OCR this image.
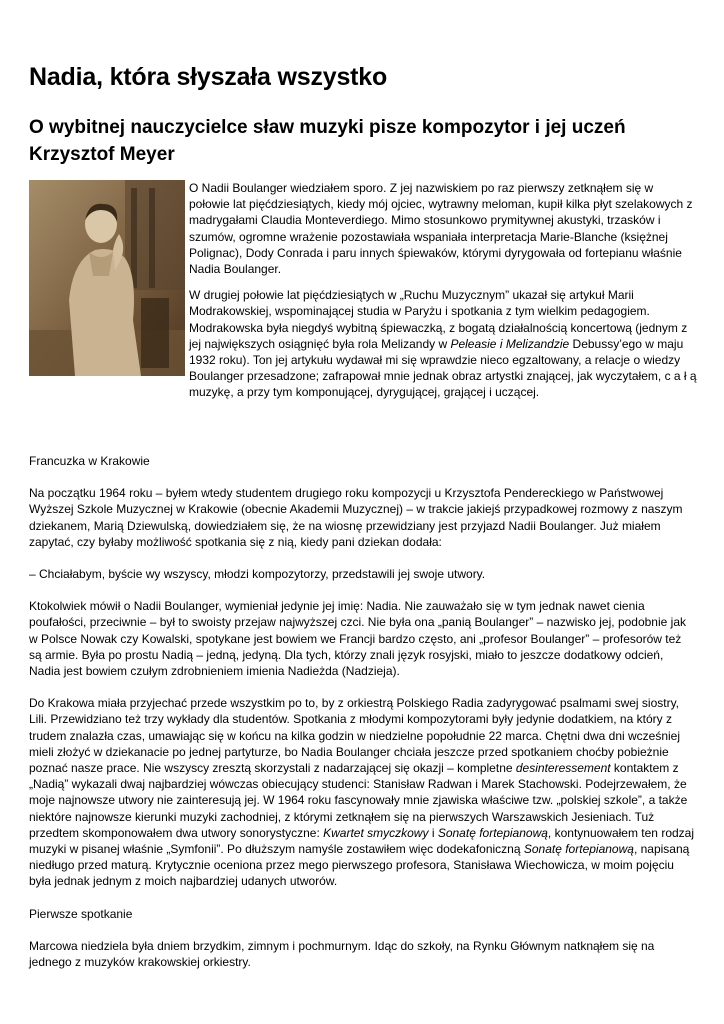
Nadia, która słyszała wszystko
O wybitnej nauczycielce sław muzyki pisze kompozytor i jej uczeń Krzysztof Meyer

O Nadii Boulanger wiedziałem sporo. Z jej nazwiskiem po raz pierwszy zetknąłem się w połowie lat pięćdziesiątych, kiedy mój ojciec, wytrawny meloman, kupił kilka płyt szelakowych z madrygałami Claudia Monteverdiego. Mimo stosunkowo prymitywnej akustyki, trzasków i szumów, ogromne wrażenie pozostawiała wspaniała interpretacja Marie-Blanche (księżnej Polignac), Dody Conrada i paru innych śpiewaków, którymi dyrygowała od fortepianu właśnie Nadia Boulanger.

W drugiej połowie lat pięćdziesiątych w „Ruchu Muzycznym” ukazał się artykuł Marii Modrakowskiej, wspominającej studia w Paryżu i spotkania z tym wielkim pedagogiem. Modrakowska była niegdyś wybitną śpiewaczką, z bogatą działalnością koncertową (jednym z jej największych osiągnięć była rola Melizandy w Peleasie i Melizandzie Debussy’ego w maju 1932 roku). Ton jej artykułu wydawał mi się wprawdzie nieco egzaltowany, a relacje o wiedzy Boulanger przesadzone; zafrapował mnie jednak obraz artystki znającej, jak wyczytałem, c a ł ą muzykę, a przy tym komponującej, dyrygującej, grającej i uczącej.

Francuzka w Krakowie

Na początku 1964 roku – byłem wtedy studentem drugiego roku kompozycji u Krzysztofa Pendereckiego w Państwowej Wyższej Szkole Muzycznej w Krakowie (obecnie Akademii Muzycznej) – w trakcie jakiejś przypadkowej rozmowy z naszym dziekanem, Marią Dziewulską, dowiedziałem się, że na wiosnę przewidziany jest przyjazd Nadii Boulanger. Już miałem zapytać, czy byłaby możliwość spotkania się z nią, kiedy pani dziekan dodała:

– Chciałabym, byście wy wszyscy, młodzi kompozytorzy, przedstawili jej swoje utwory.

Ktokolwiek mówił o Nadii Boulanger, wymieniał jedynie jej imię: Nadia. Nie zauważało się w tym jednak nawet cienia poufałości, przeciwnie – był to swoisty przejaw najwyższej czci. Nie była ona „panią Boulanger” – nazwisko jej, podobnie jak w Polsce Nowak czy Kowalski, spotykane jest bowiem we Francji bardzo często, ani „profesor Boulanger” – profesorów też są armie. Była po prostu Nadią – jedną, jedyną. Dla tych, którzy znali język rosyjski, miało to jeszcze dodatkowy odcień, Nadia jest bowiem czułym zdrobnieniem imienia Nadieżda (Nadzieja).

Do Krakowa miała przyjechać przede wszystkim po to, by z orkiestrą Polskiego Radia zadyrygować psalmami swej siostry, Lili. Przewidziano też trzy wykłady dla studentów. Spotkania z młodymi kompozytorami były jedynie dodatkiem, na który z trudem znalazła czas, umawiając się w końcu na kilka godzin w niedzielne popołudnie 22 marca. Chętni dwa dni wcześniej mieli złożyć w dziekanacie po jednej partyturze, bo Nadia Boulanger chciała jeszcze przed spotkaniem choćby pobieżnie poznać nasze prace. Nie wszyscy zresztą skorzystali z nadarzającej się okazji – kompletne desinteressement kontaktem z „Nadią” wykazali dwaj najbardziej wówczas obiecujący studenci: Stanisław Radwan i Marek Stachowski. Podejrzewałem, że moje najnowsze utwory nie zainteresują jej. W 1964 roku fascynowały mnie zjawiska właściwe tzw. „polskiej szkole”, a także niektóre najnowsze kierunki muzyki zachodniej, z którymi zetknąłem się na pierwszych Warszawskich Jesieniach. Tuż przedtem skomponowałem dwa utwory sonorystyczne: Kwartet smyczkowy i Sonatę fortepianową, kontynuowałem ten rodzaj muzyki w pisanej właśnie „Symfonii”. Po dłuższym namyśle zostawiłem więc dodekafoniczną Sonatę fortepianową, napisaną niedługo przed maturą. Krytycznie oceniona przez mego pierwszego profesora, Stanisława Wiechowicza, w moim pojęciu była jednak jednym z moich najbardziej udanych utworów.

Pierwsze spotkanie

Marcowa niedziela była dniem brzydkim, zimnym i pochmurnym. Idąc do szkoły, na Rynku Głównym natknąłem się na jednego z muzyków krakowskiej orkiestry.
